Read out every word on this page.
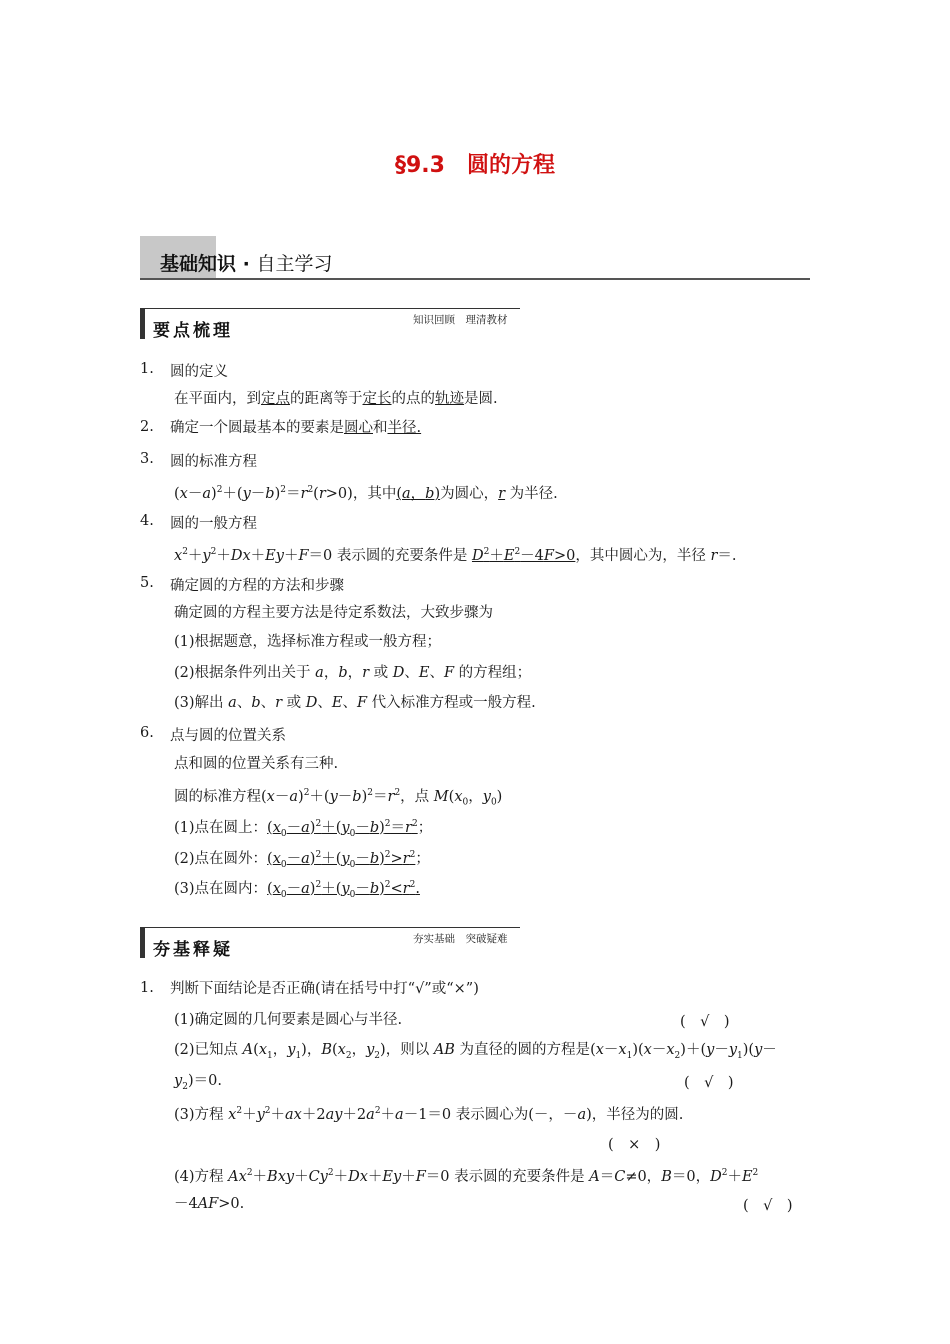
§9.3　圆的方程
基础知识 · 自主学习
要点梳理
知识回顾　理清教材
1. 圆的定义
在平面内，到定点的距离等于定长的点的轨迹是圆.
2. 确定一个圆最基本的要素是圆心和半径.
3. 圆的标准方程
$(x-a)^2+(y-b)^2=r^2(r>0)$，其中(a，b)为圆心，r 为半径.
4. 圆的一般方程
$x^2+y^2+Dx+Ey+F=0$ 表示圆的充要条件是 $D^2+E^2-4F>0$，其中圆心为，半径 r＝.
5. 确定圆的方程的方法和步骤
确定圆的方程主要方法是待定系数法，大致步骤为
(1)根据题意，选择标准方程或一般方程；
(2)根据条件列出关于 a，b，r 或 D、E、F 的方程组；
(3)解出 a、b、r 或 D、E、F 代入标准方程或一般方程.
6. 点与圆的位置关系
点和圆的位置关系有三种.
圆的标准方程$(x-a)^2+(y-b)^2=r^2$，点 $M(x_0$，$y_0$)
(1)点在圆上：$(x_0-a)^2+(y_0-b)^2=r^2$；
(2)点在圆外：$(x_0-a)^2+(y_0-b)^2>r^2$；
(3)点在圆内：$(x_0-a)^2+(y_0-b)^2<r^2$.
夯基释疑
夯实基础　突破疑难
1. 判断下面结论是否正确(请在括号中打“√”或“×”)
(1)确定圆的几何要素是圆心与半径.	(　√　)
(2)已知点 $A(x_1$，$y_1$)，$B(x_2$，$y_2$)，则以 AB 为直径的圆的方程是$(x-x_1)(x-x_2)+(y-y_1)(y-$
$y_2)=0$.	(　√　)
(3)方程 $x^2+y^2+ax+2ay+2a^2+a-1=0$ 表示圆心为(－，－a)，半径为的圆.
(　×　)
(4)方程 $Ax^2+Bxy+Cy^2+Dx+Ey+F=0$ 表示圆的充要条件是 A＝C≠0，B＝0，$D^2+E^2$
－4AF>0.	(　√　)
